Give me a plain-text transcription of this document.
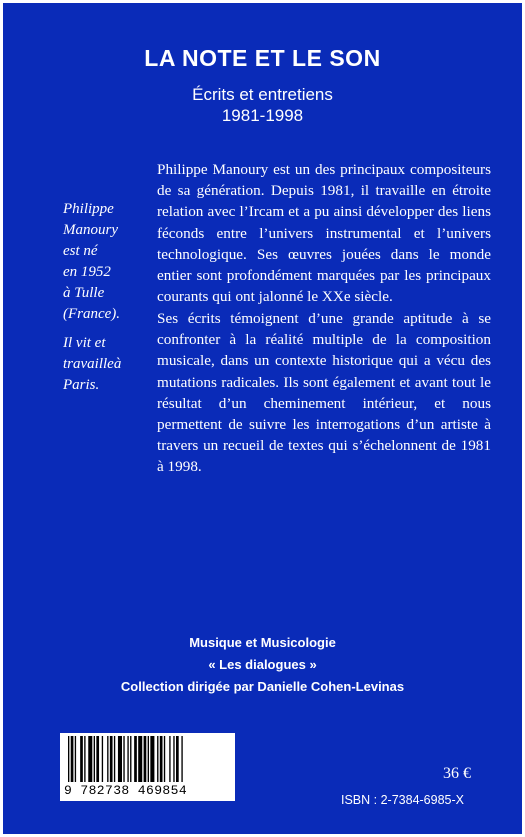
LA NOTE ET LE SON
Écrits et entretiens
1981-1998
Philippe
Manoury
est né
en 1952
à Tulle
(France).
Il vit et
travailleà
Paris.
Philippe Manoury est un des principaux compositeurs de sa génération. Depuis 1981, il travaille en étroite relation avec l’Ircam et a pu ainsi développer des liens féconds entre l’univers instrumental et l’univers technologique. Ses œuvres jouées dans le monde entier sont profondément marquées par les principaux courants qui ont jalonné le XXe siècle.
Ses écrits témoignent d’une grande aptitude à se confronter à la réalité multiple de la composition musicale, dans un contexte historique qui a vécu des mutations radicales. Ils sont également et avant tout le résultat d’un cheminement intérieur, et nous permettent de suivre les interrogations d’un artiste à travers un recueil de textes qui s’échelonnent de 1981 à 1998.
Musique et Musicologie
« Les dialogues »
Collection dirigée par Danielle Cohen-Levinas
9 782738 469854
36 €
ISBN : 2-7384-6985-X
